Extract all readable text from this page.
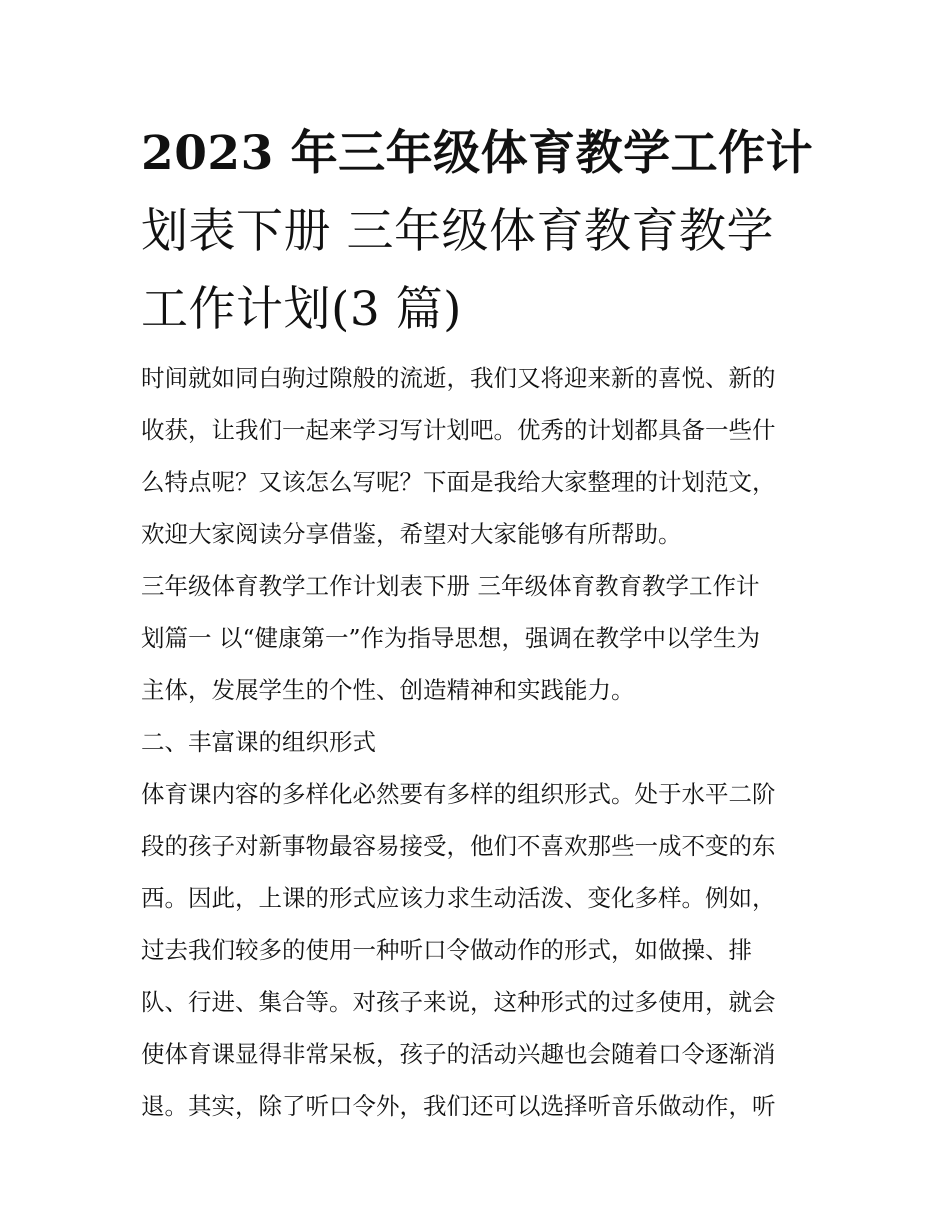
2023 年三年级体育教学工作计
划表下册 三年级体育教育教学
工作计划(3 篇)
时间就如同白驹过隙般的流逝，我们又将迎来新的喜悦、新的
收获，让我们一起来学习写计划吧。优秀的计划都具备一些什
么特点呢？又该怎么写呢？下面是我给大家整理的计划范文，
欢迎大家阅读分享借鉴，希望对大家能够有所帮助。
三年级体育教学工作计划表下册 三年级体育教育教学工作计
划篇一 以“健康第一”作为指导思想，强调在教学中以学生为
主体，发展学生的个性、创造精神和实践能力。
二、丰富课的组织形式
体育课内容的多样化必然要有多样的组织形式。处于水平二阶
段的孩子对新事物最容易接受，他们不喜欢那些一成不变的东
西。因此，上课的形式应该力求生动活泼、变化多样。例如，
过去我们较多的使用一种听口令做动作的形式，如做操、排
队、行进、集合等。对孩子来说，这种形式的过多使用，就会
使体育课显得非常呆板，孩子的活动兴趣也会随着口令逐渐消
退。其实，除了听口令外，我们还可以选择听音乐做动作，听
